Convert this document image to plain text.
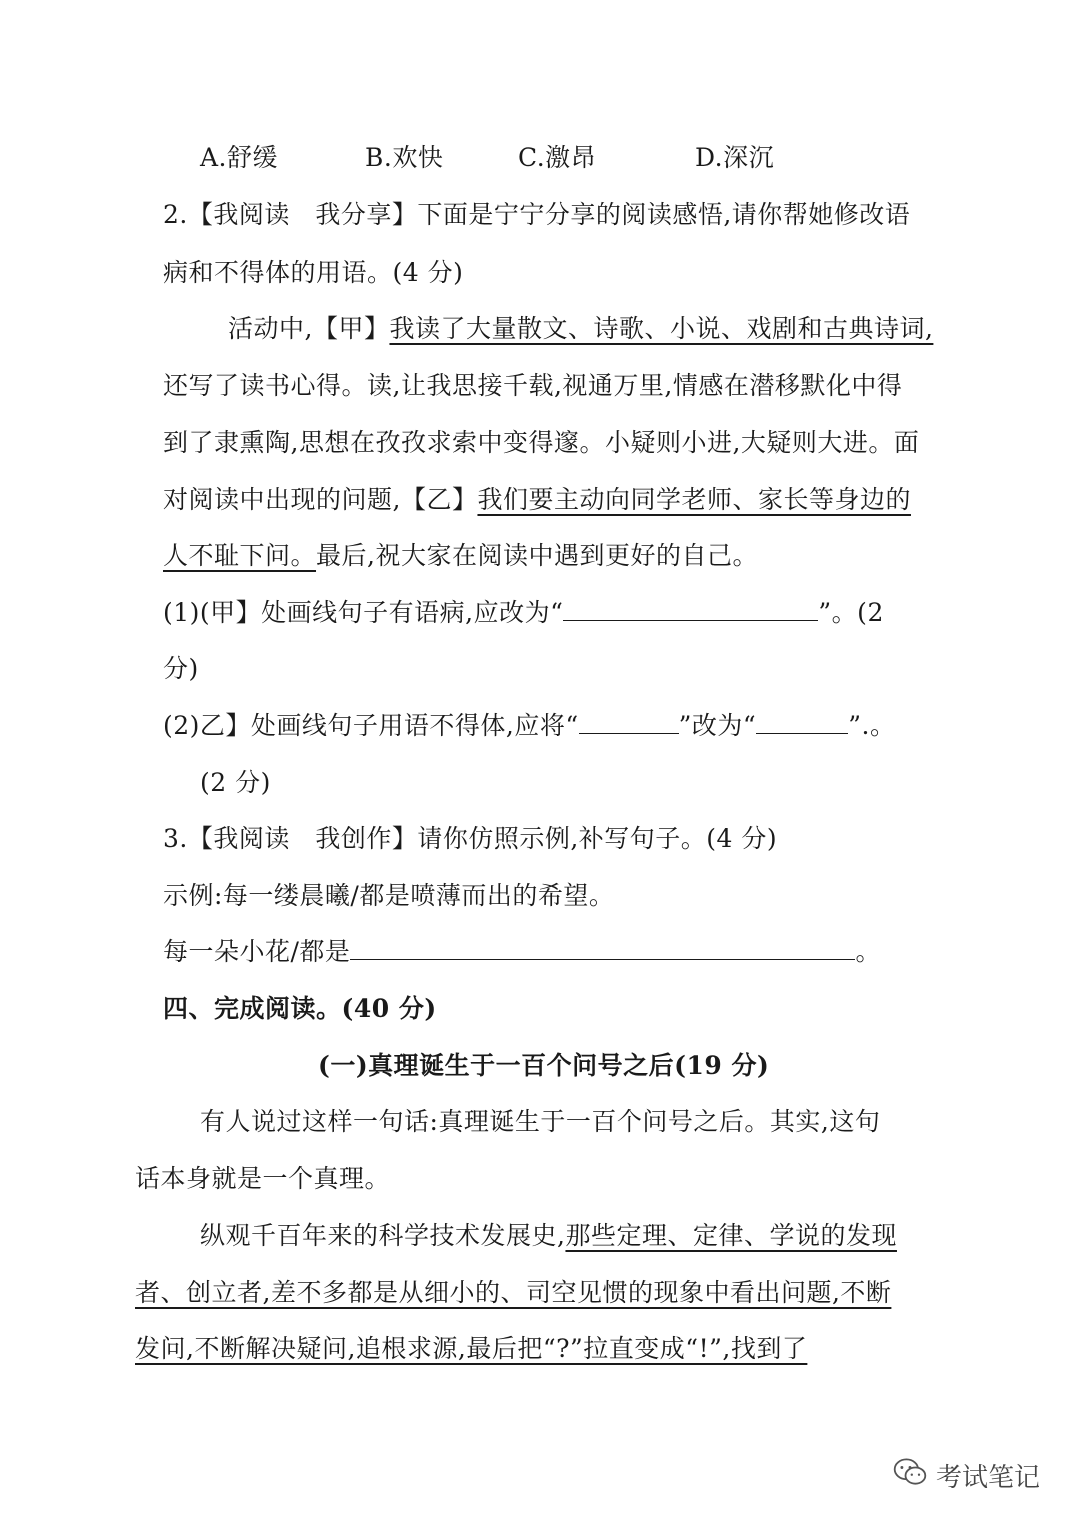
A.舒缓	B.欢快	C.激昂	D.深沉
2.【我阅读　我分享】下面是宁宁分享的阅读感悟,请你帮她修改语
病和不得体的用语。(4 分)
活动中,【甲】我读了大量散文、诗歌、小说、戏剧和古典诗词,
还写了读书心得。读,让我思接千载,视通万里,情感在潜移默化中得
到了隶熏陶,思想在孜孜求索中变得邃。小疑则小进,大疑则大进。面
对阅读中出现的问题,【乙】我们要主动向同学老师、家长等身边的
人不耻下问。最后,祝大家在阅读中遇到更好的自己。
(1)(甲】处画线句子有语病,应改为“	”。(2
分)
(2)乙】处画线句子用语不得体,应将“	”改为“	”.。
(2 分)
3.【我阅读　我创作】请你仿照示例,补写句子。(4 分)
示例:每一缕晨曦/都是喷薄而出的希望。
每一朵小花/都是	。
四、完成阅读。(40 分)
(一)真理诞生于一百个问号之后(19 分)
有人说过这样一句话:真理诞生于一百个问号之后。其实,这句
话本身就是一个真理。
纵观千百年来的科学技术发展史,那些定理、定律、学说的发现
者、创立者,差不多都是从细小的、司空见惯的现象中看出问题,不断
发问,不断解决疑问,追根求源,最后把“?”拉直变成“!”,找到了
考试笔记
